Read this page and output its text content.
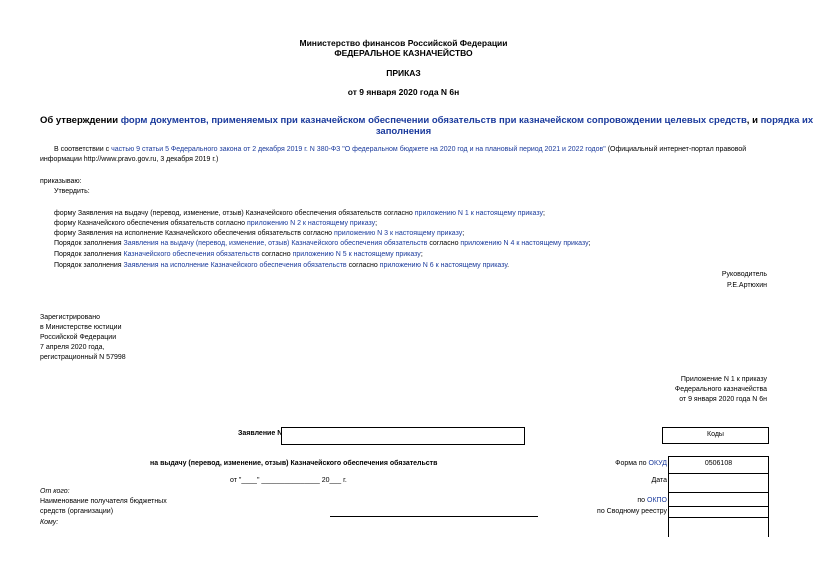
Министерство финансов Российской Федерации
ФЕДЕРАЛЬНОЕ КАЗНАЧЕЙСТВО
ПРИКАЗ
от 9 января 2020 года N 6н
Об утверждении форм документов, применяемых при казначейском обеспечении обязательств при казначейском сопровождении целевых средств, и порядка их
заполнения
В соответствии с частью 9 статьи 5 Федерального закона от 2 декабря 2019 г. N 380-ФЗ "О федеральном бюджете на 2020 год и на плановый период 2021 и 2022 годов" (Официальный интернет-портал правовой
информации http://www.pravo.gov.ru, 3 декабря 2019 г.)
приказываю:
Утвердить:
форму Заявления на выдачу (перевод, изменение, отзыв) Казначейского обеспечения обязательств согласно приложению N 1 к настоящему приказу;
форму Казначейского обеспечения обязательств согласно приложению N 2 к настоящему приказу;
форму Заявления на исполнение Казначейского обеспечения обязательств согласно приложению N 3 к настоящему приказу;
Порядок заполнения Заявления на выдачу (перевод, изменение, отзыв) Казначейского обеспечения обязательств согласно приложению N 4 к настоящему приказу;
Порядок заполнения Казначейского обеспечения обязательств согласно приложению N 5 к настоящему приказу;
Порядок заполнения Заявления на исполнение Казначейского обеспечения обязательств согласно приложению N 6 к настоящему приказу.
Руководитель
Р.Е.Артюхин
Зарегистрировано
в Министерстве юстиции
Российской Федерации
7 апреля 2020 года,
регистрационный N 57998
Приложение N 1 к приказу
Федерального казначейства
от 9 января 2020 года N 6н
Заявление N	Коды
на выдачу (перевод, изменение, отзыв) Казначейского обеспечения обязательств	Форма по ОКУД
Дата
по ОКПО
по Сводному реестру
0506108
от "____" _______________ 20___ г.
От кого:
Наименование получателя бюджетных
средств (организации)
Кому:
